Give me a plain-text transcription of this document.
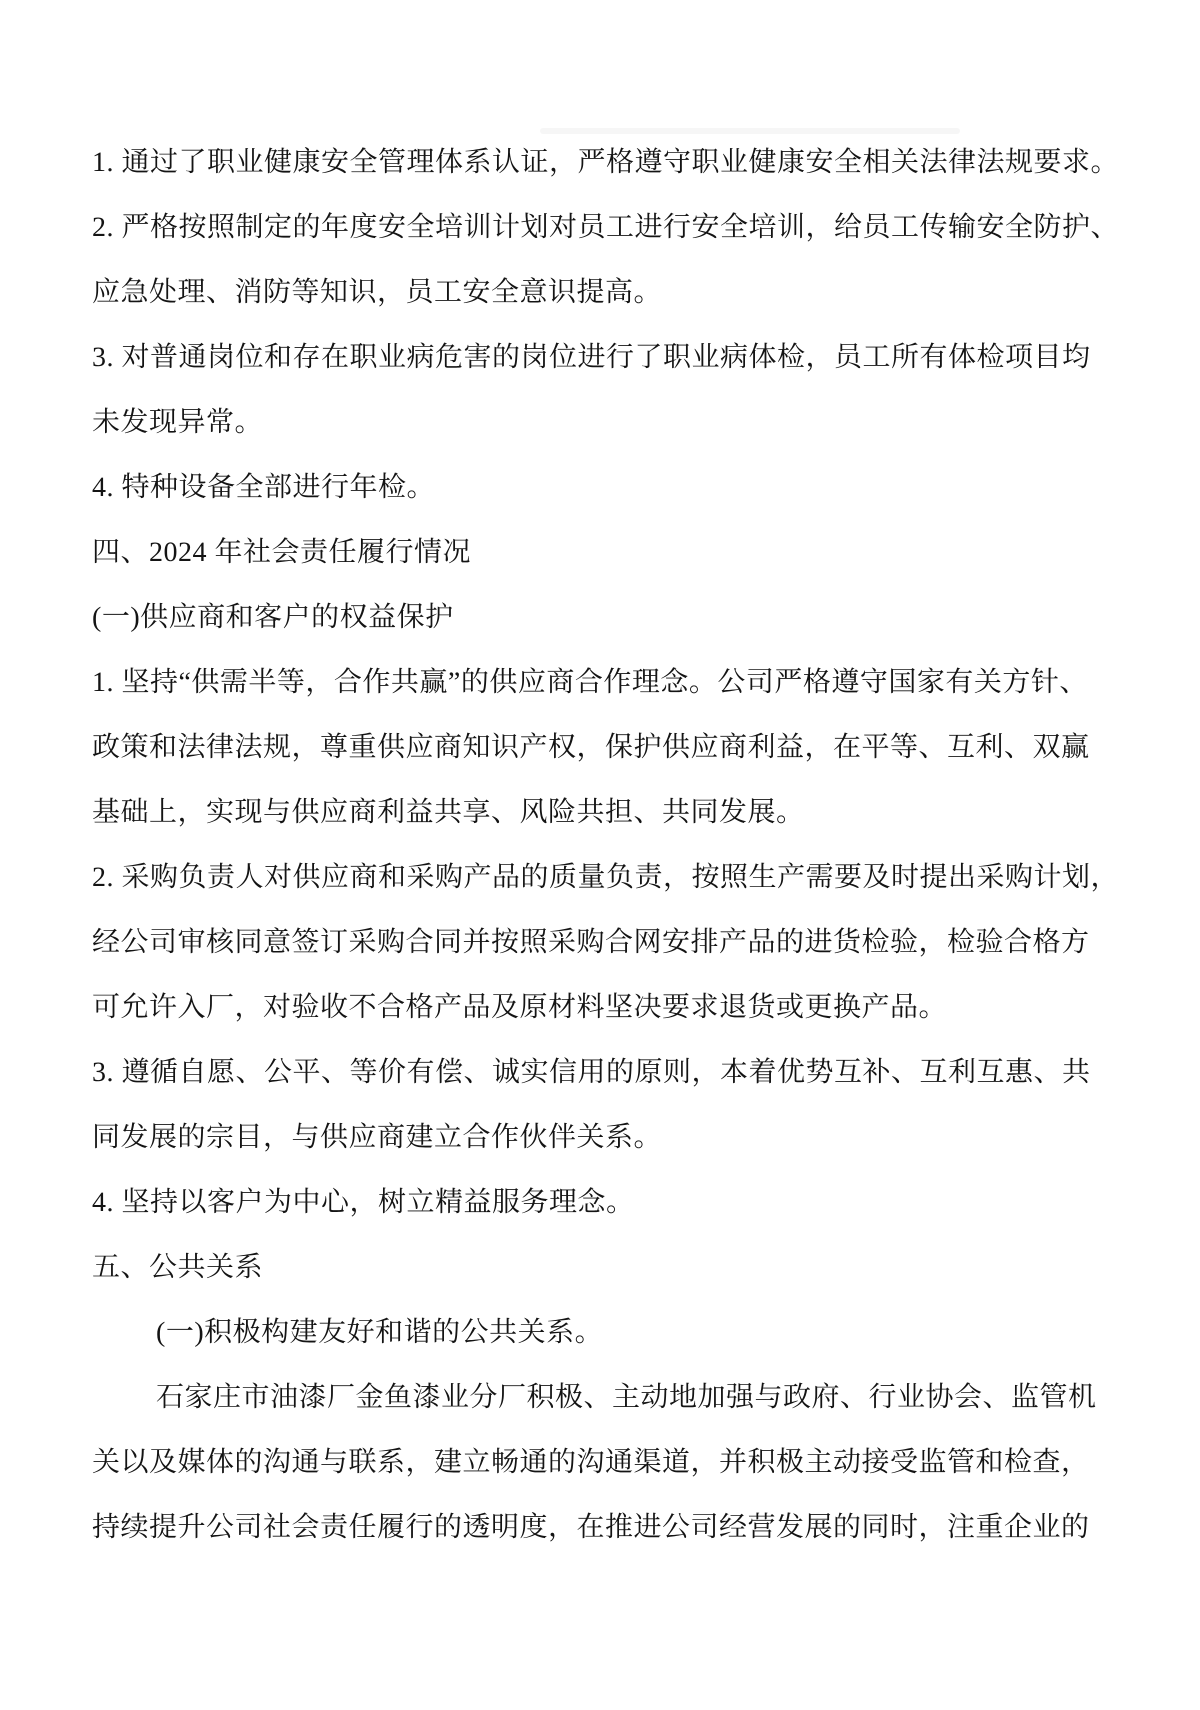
1. 通过了职业健康安全管理体系认证，严格遵守职业健康安全相关法律法规要求。
2. 严格按照制定的年度安全培训计划对员工进行安全培训，给员工传输安全防护、
应急处理、消防等知识，员工安全意识提高。
3. 对普通岗位和存在职业病危害的岗位进行了职业病体检，员工所有体检项目均
未发现异常。
4. 特种设备全部进行年检。
四、2024 年社会责任履行情况
(一)供应商和客户的权益保护
1. 坚持“供需半等，合作共赢”的供应商合作理念。公司严格遵守国家有关方针、
政策和法律法规，尊重供应商知识产权，保护供应商利益，在平等、互利、双赢
基础上，实现与供应商利益共享、风险共担、共同发展。
2. 采购负责人对供应商和采购产品的质量负责，按照生产需要及时提出采购计划，
经公司审核同意签订采购合同并按照采购合网安排产品的进货检验，检验合格方
可允许入厂，对验收不合格产品及原材料坚决要求退货或更换产品。
3. 遵循自愿、公平、等价有偿、诚实信用的原则，本着优势互补、互利互惠、共
同发展的宗目，与供应商建立合作伙伴关系。
4. 坚持以客户为中心，树立精益服务理念。
五、公共关系
(一)积极构建友好和谐的公共关系。
石家庄市油漆厂金鱼漆业分厂积极、主动地加强与政府、行业协会、监管机
关以及媒体的沟通与联系，建立畅通的沟通渠道，并积极主动接受监管和检查，
持续提升公司社会责任履行的透明度，在推进公司经营发展的同时，注重企业的
